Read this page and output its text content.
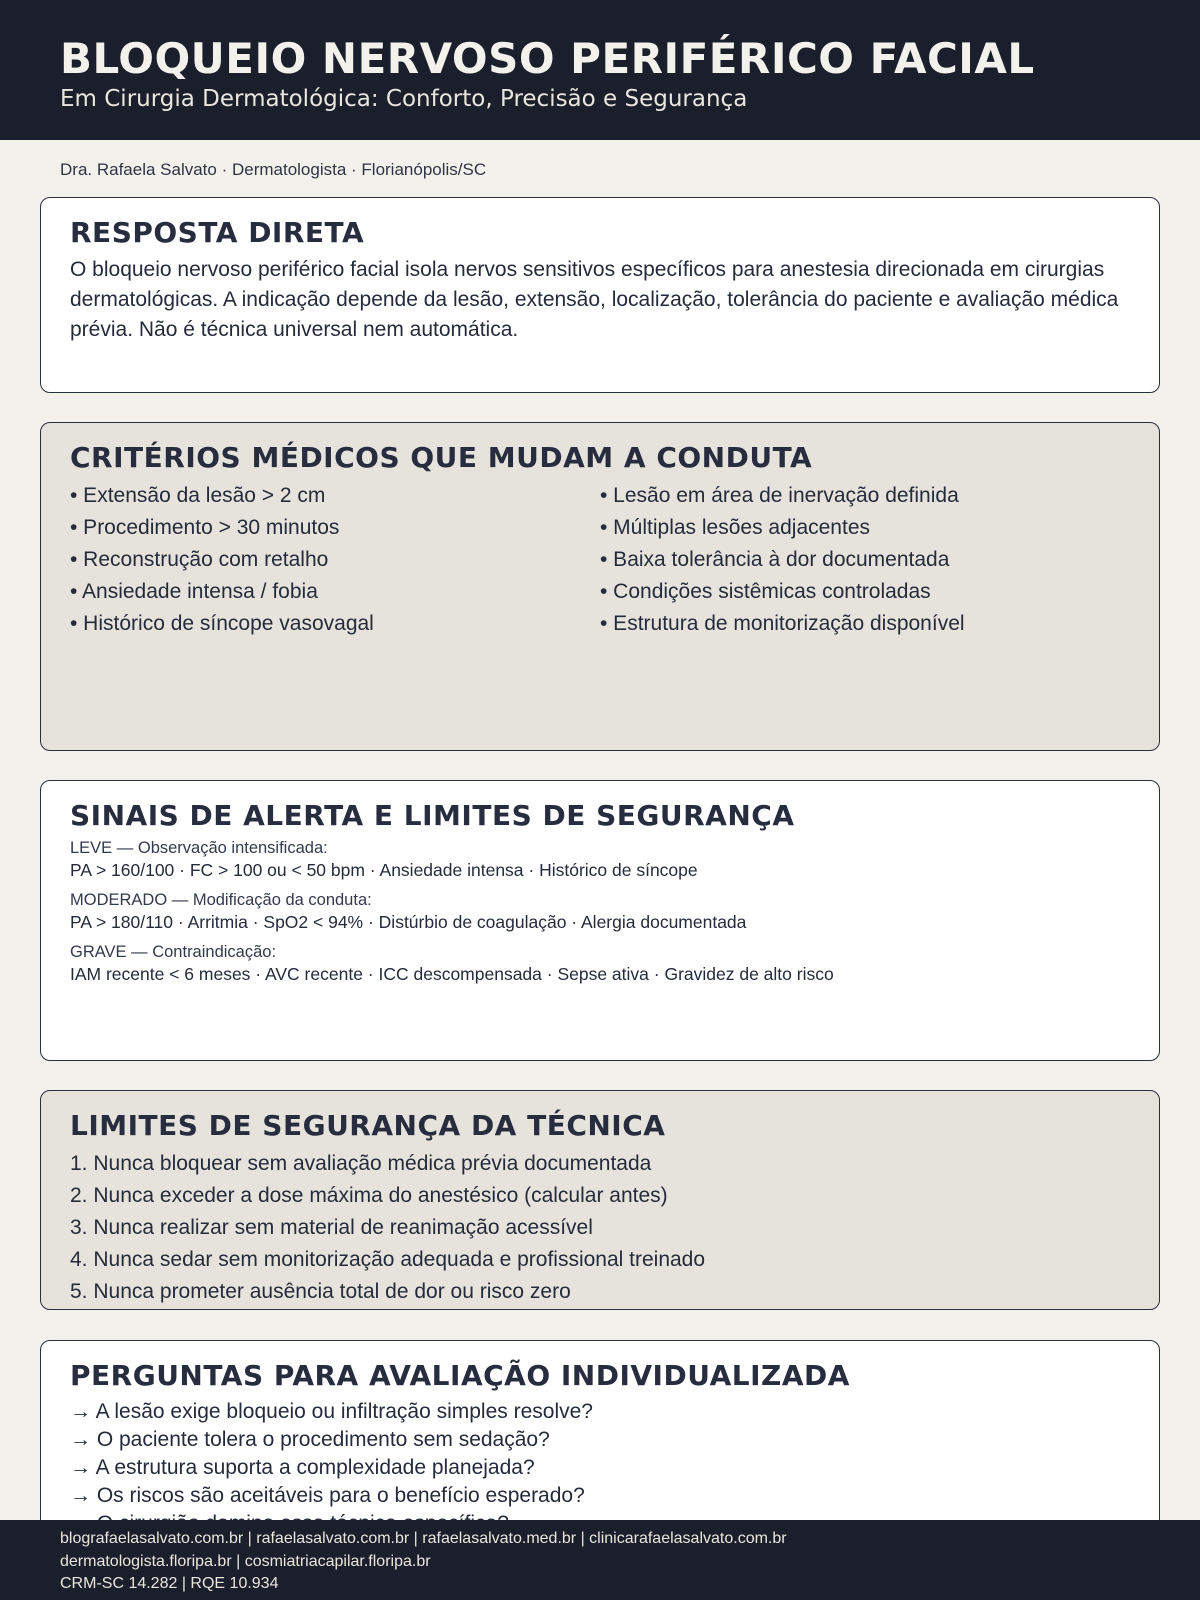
BLOQUEIO NERVOSO PERIFÉRICO FACIAL
Em Cirurgia Dermatológica: Conforto, Precisão e Segurança
Dra. Rafaela Salvato · Dermatologista · Florianópolis/SC
RESPOSTA DIRETA
O bloqueio nervoso periférico facial isola nervos sensitivos específicos para anestesia direcionada em cirurgias dermatológicas. A indicação depende da lesão, extensão, localização, tolerância do paciente e avaliação médica prévia. Não é técnica universal nem automática.
CRITÉRIOS MÉDICOS QUE MUDAM A CONDUTA
• Extensão da lesão > 2 cm
• Procedimento > 30 minutos
• Reconstrução com retalho
• Ansiedade intensa / fobia
• Histórico de síncope vasovagal
• Lesão em área de inervação definida
• Múltiplas lesões adjacentes
• Baixa tolerância à dor documentada
• Condições sistêmicas controladas
• Estrutura de monitorização disponível
SINAIS DE ALERTA E LIMITES DE SEGURANÇA
LEVE — Observação intensificada:
PA > 160/100 · FC > 100 ou < 50 bpm · Ansiedade intensa · Histórico de síncope
MODERADO — Modificação da conduta:
PA > 180/110 · Arritmia · SpO2 < 94% · Distúrbio de coagulação · Alergia documentada
GRAVE — Contraindicação:
IAM recente < 6 meses · AVC recente · ICC descompensada · Sepse ativa · Gravidez de alto risco
LIMITES DE SEGURANÇA DA TÉCNICA
1. Nunca bloquear sem avaliação médica prévia documentada
2. Nunca exceder a dose máxima do anestésico (calcular antes)
3. Nunca realizar sem material de reanimação acessível
4. Nunca sedar sem monitorização adequada e profissional treinado
5. Nunca prometer ausência total de dor ou risco zero
PERGUNTAS PARA AVALIAÇÃO INDIVIDUALIZADA
→ A lesão exige bloqueio ou infiltração simples resolve?
→ O paciente tolera o procedimento sem sedação?
→ A estrutura suporta a complexidade planejada?
→ Os riscos são aceitáveis para o benefício esperado?
blografaelasalvato.com.br | rafaelasalvato.com.br | rafaelasalvato.med.br | clinicarafaelasalvato.com.br
dermatologista.floripa.br | cosmiatriacapilar.floripa.br
CRM-SC 14.282 | RQE 10.934
